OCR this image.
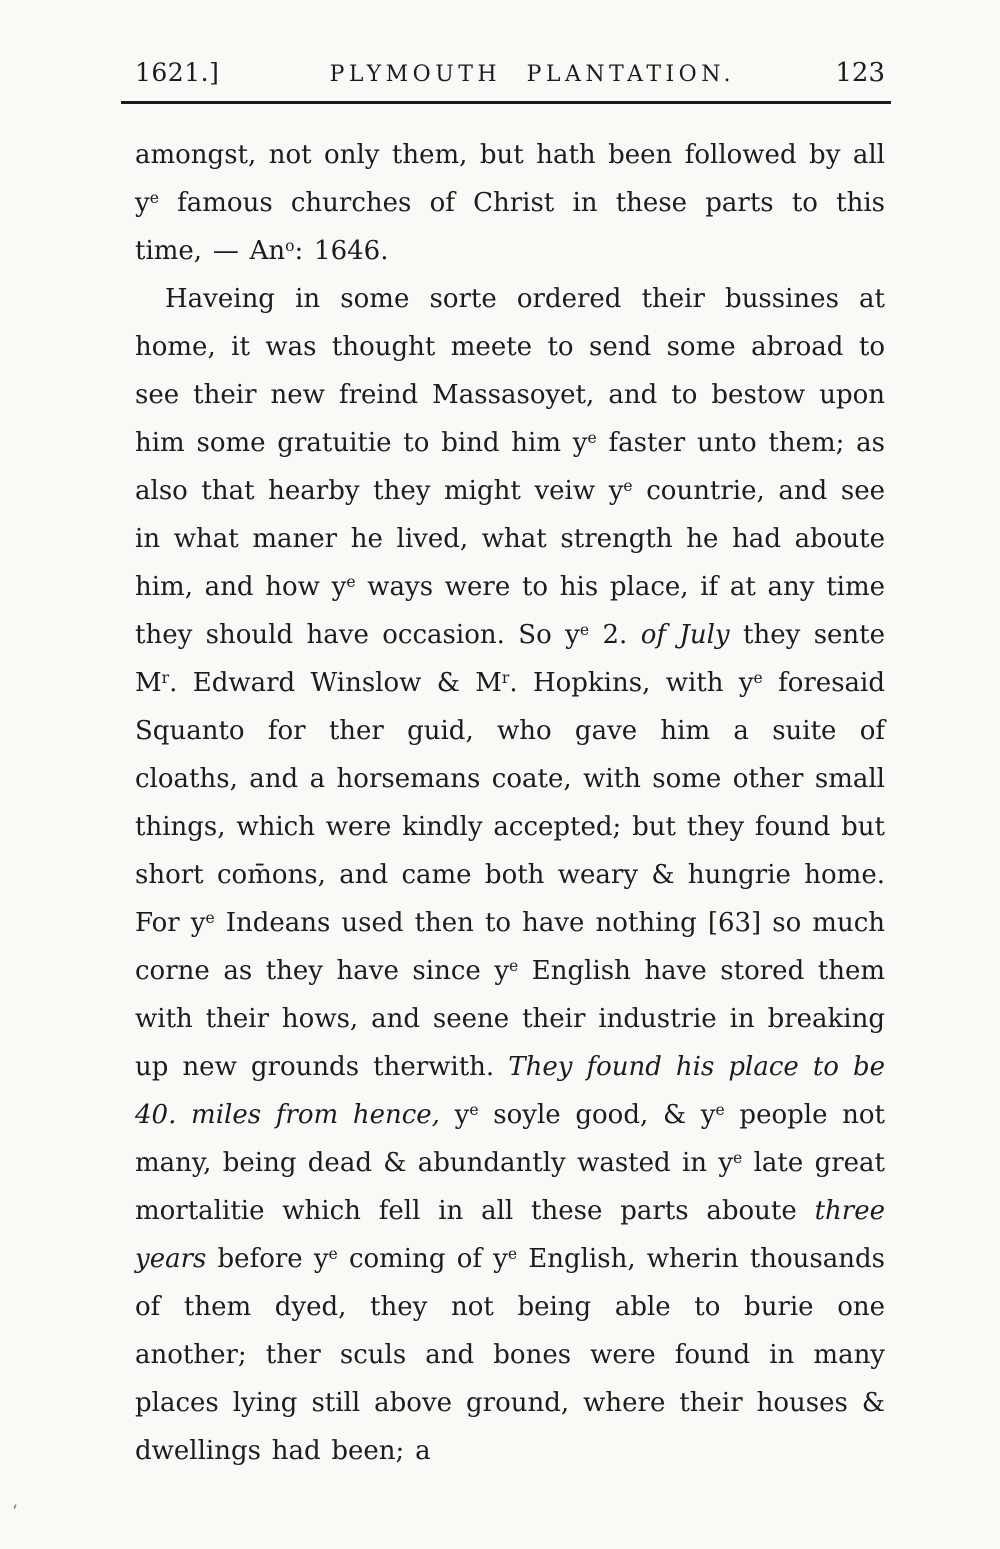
1621.]	PLYMOUTH PLANTATION.	123

amongst, not only them, but hath been followed by all $y^e$ famous churches of Christ in these parts to this time, — An$^o$: 1646.

Haveing in some sorte ordered their bussines at home, it was thought meete to send some abroad to see their new freind Massasoyet, and to bestow upon him some gratuitie to bind him $y^e$ faster unto them; as also that hearby they might veiw $y^e$ countrie, and see in what maner he lived, what strength he had aboute him, and how $y^e$ ways were to his place, if at any time they should have occasion. So $y^e$ 2. of July they sente $M^r$. Edward Winslow & $M^r$. Hopkins, with $y^e$ foresaid Squanto for ther guid, who gave him a suite of cloaths, and a horsemans coate, with some other small things, which were kindly accepted; but they found but short com̄ons, and came both weary & hungrie home. For $y^e$ Indeans used then to have nothing [63] so much corne as they have since $y^e$ English have stored them with their hows, and seene their industrie in breaking up new grounds therwith. They found his place to be 40. miles from hence, $y^e$ soyle good, & $y^e$ people not many, being dead & abundantly wasted in $y^e$ late great mortalitie which fell in all these parts aboute three years before $y^e$ coming of $y^e$ English, wherin thousands of them dyed, they not being able to burie one another; ther sculs and bones were found in many places lying still above ground, where their houses & dwellings had been; a

‘
